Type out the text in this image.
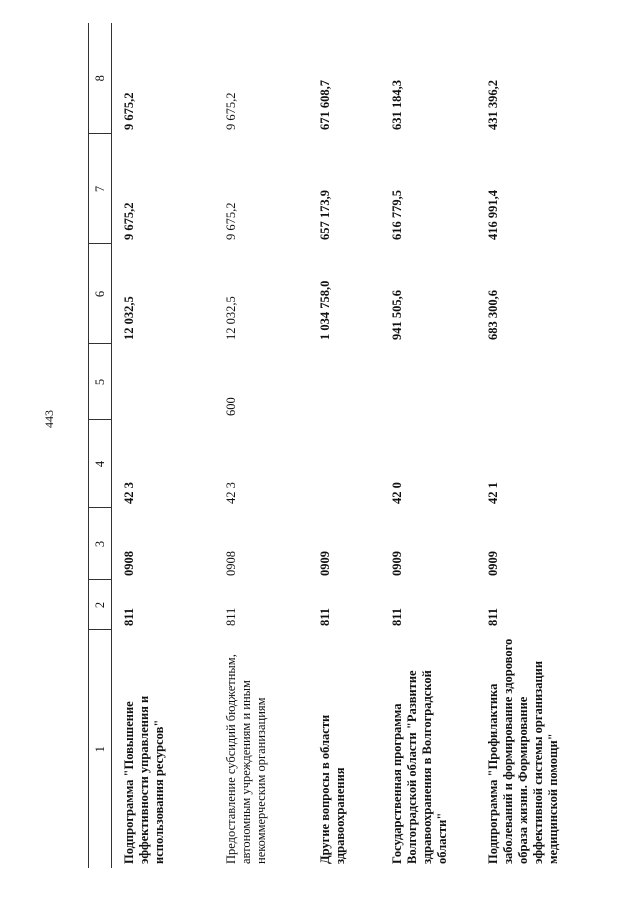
443
1	2	3	4	5	6	7	8
Подпрограмма "Повышение эффективности управления и использования ресурсов"	811	0908	42 3		12 032,5	9 675,2	9 675,2
Предоставление субсидий бюджетным, автономным учреждениям и иным некоммерческим организациям	811	0908	42 3	600	12 032,5	9 675,2	9 675,2
Другие вопросы в области здравоохранения	811	0909			1 034 758,0	657 173,9	671 608,7
Государственная программа Волгоградской области "Развитие здравоохранения в Волгоградской области"	811	0909	42 0		941 505,6	616 779,5	631 184,3
Подпрограмма "Профилактика заболеваний и формирование здорового образа жизни. Формирование эффективной системы организации медицинской помощи"	811	0909	42 1		683 300,6	416 991,4	431 396,2
